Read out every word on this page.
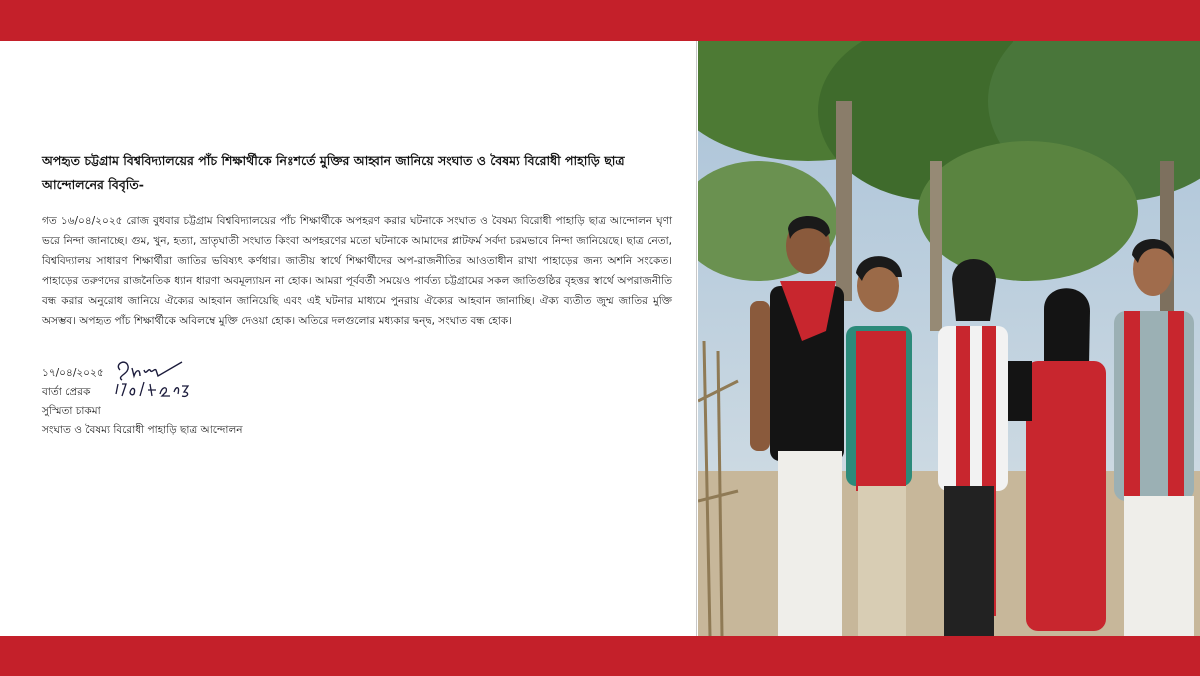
অপহৃত চট্টগ্রাম বিশ্ববিদ্যালয়ের পাঁচ শিক্ষার্থীকে নিঃশর্তে মুক্তির আহ্বান জানিয়ে সংঘাত ও বৈষম্য বিরোধী পাহাড়ি ছাত্র আন্দোলনের বিবৃতি-
গত ১৬/০৪/২০২৫ রোজ বুধবার চট্টগ্রাম বিশ্ববিদ্যালয়ের পাঁচ শিক্ষার্থীকে অপহরণ করার ঘটনাকে সংঘাত ও বৈষম্য বিরোধী পাহাড়ি ছাত্র আন্দোলন ঘৃণা ভরে নিন্দা জানাচ্ছে। গুম, খুন, হত্যা, ভ্রাতৃঘাতী সংঘাত কিংবা অপহরণের মতো ঘটনাকে আমাদের প্লাটফর্ম সর্বদা চরমভাবে নিন্দা জানিয়েছে। ছাত্র নেতা, বিশ্ববিদ্যালয় সাধারণ শিক্ষার্থীরা জাতির ভবিষ্যৎ কর্ণধার। জাতীয় স্বার্থে শিক্ষার্থীদের অপ-রাজনীতির আওতাধীন রাখা পাহাড়ের জন্য অশনি সংকেত। পাহাড়ের তরুণদের রাজনৈতিক ধ্যান ধারণা অবমূল্যায়ন না হোক। আমরা পূর্ববর্তী সময়েও পার্বত্য চট্টগ্রামের সকল জাতিগুষ্ঠির বৃহত্তর স্বার্থে অপরাজনীতি বন্ধ করার অনুরোধ জানিয়ে ঐক্যের আহবান জানিয়েছি এবং এই ঘটনার মাধ্যমে পুনরায় ঐক্যের আহবান জানাচ্ছি। ঐক্য ব্যতীত জুম্ম জাতির মুক্তি অসম্ভব। অপহৃত পাঁচ শিক্ষার্থীকে অবিলম্বে মুক্তি দেওয়া হোক। অতিরে দলগুলোর মধ্যকার দ্বন্দ্ব, সংঘাত বন্ধ হোক।
১৭/০৪/২০২৫
বার্তা প্রেরক
সুস্মিতা চাকমা
সংঘাত ও বৈষম্য বিরোধী পাহাড়ি ছাত্র আন্দোলন
